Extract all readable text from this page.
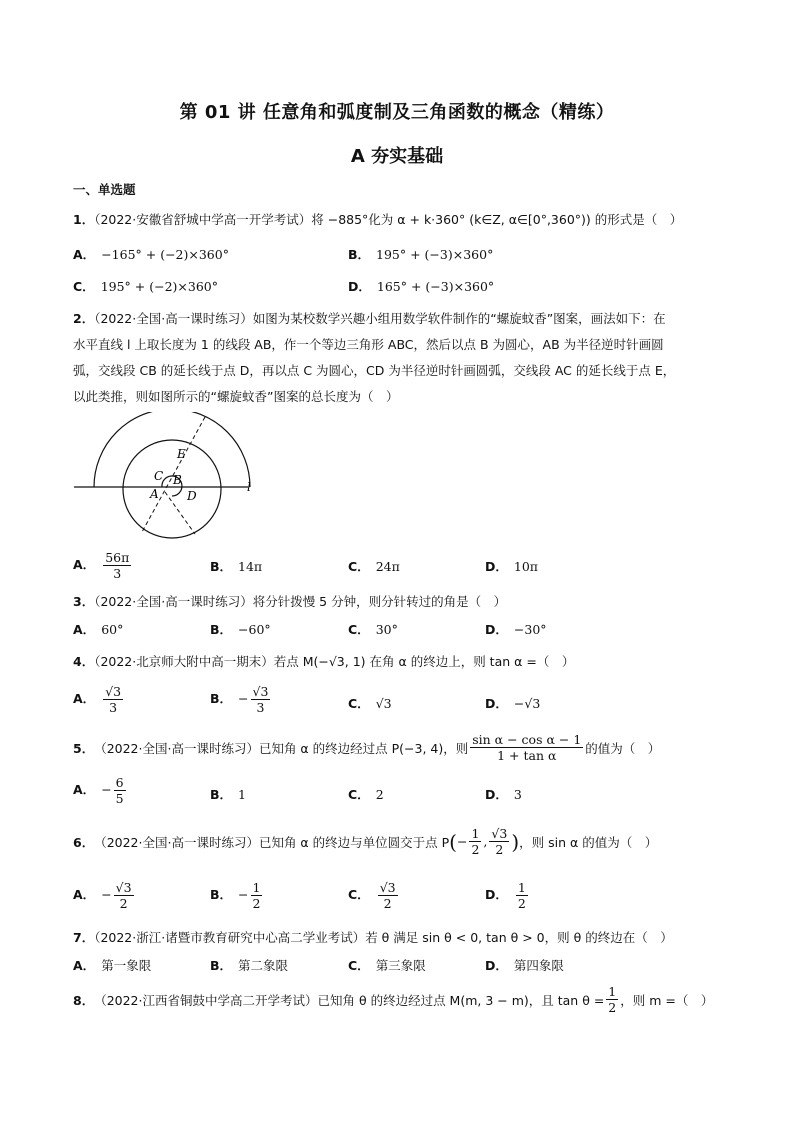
第 01 讲 任意角和弧度制及三角函数的概念（精练）
A 夯实基础
一、单选题
1．（2022·安徽省舒城中学高一开学考试）将 −885°化为 α + k·360° (k∈Z, α∈[0°,360°)) 的形式是（　）
A． −165° + (−2)×360°	B． 195° + (−3)×360°
C． 195° + (−2)×360°	D． 165° + (−3)×360°
2．（2022·全国·高一课时练习）如图为某校数学兴趣小组用数学软件制作的“螺旋蚊香”图案，画法如下：在
水平直线 l 上取长度为 1 的线段 AB，作一个等边三角形 ABC，然后以点 B 为圆心，AB 为半径逆时针画圆
弧，交线段 CB 的延长线于点 D，再以点 C 为圆心，CD 为半径逆时针画圆弧，交线段 AC 的延长线于点 E，
以此类推，则如图所示的“螺旋蚊香”图案的总长度为（　）
C B
A D
E
l
A． $\frac{56\pi}{3}$	B． 14π	C． 24π	D． 10π
3．（2022·全国·高一课时练习）将分针拨慢 5 分钟，则分针转过的角是（　）
A． 60°	B． −60°	C． 30°	D． −30°
4．（2022·北京师大附中高一期末）若点 M(−√3, 1) 在角 α 的终边上，则 tan α =（　）
A． $\frac{√3}{3}$	B． − $\frac{√3}{3}$	C． √3	D． −√3
5． （2022·全国·高一课时练习）已知角 α 的终边经过点 P(−3, 4)，则 $\frac{\text{sin α − cos α − 1}}{\text{1 + tan α}}$ 的值为（　）
A． − $\frac{6}{5}$	B． 1	C． 2	D． 3
6． （2022·全国·高一课时练习）已知角 α 的终边与单位圆交于点 P ( − $\frac{1}{2}$ , $\frac{√3}{2}$ ) ，则 sin α 的值为（　）
A． − $\frac{√3}{2}$	B． − $\frac{1}{2}$	C． $\frac{√3}{2}$	D． $\frac{1}{2}$
7．（2022·浙江·诸暨市教育研究中心高二学业考试）若 θ 满足 sin θ < 0, tan θ > 0，则 θ 的终边在（　）
A． 第一象限	B． 第二象限	C． 第三象限	D． 第四象限
8． （2022·江西省铜鼓中学高二开学考试）已知角 θ 的终边经过点 M(m, 3 − m)，且 $\tan \theta = \frac{1}{2}$ ，则 m =（　）
